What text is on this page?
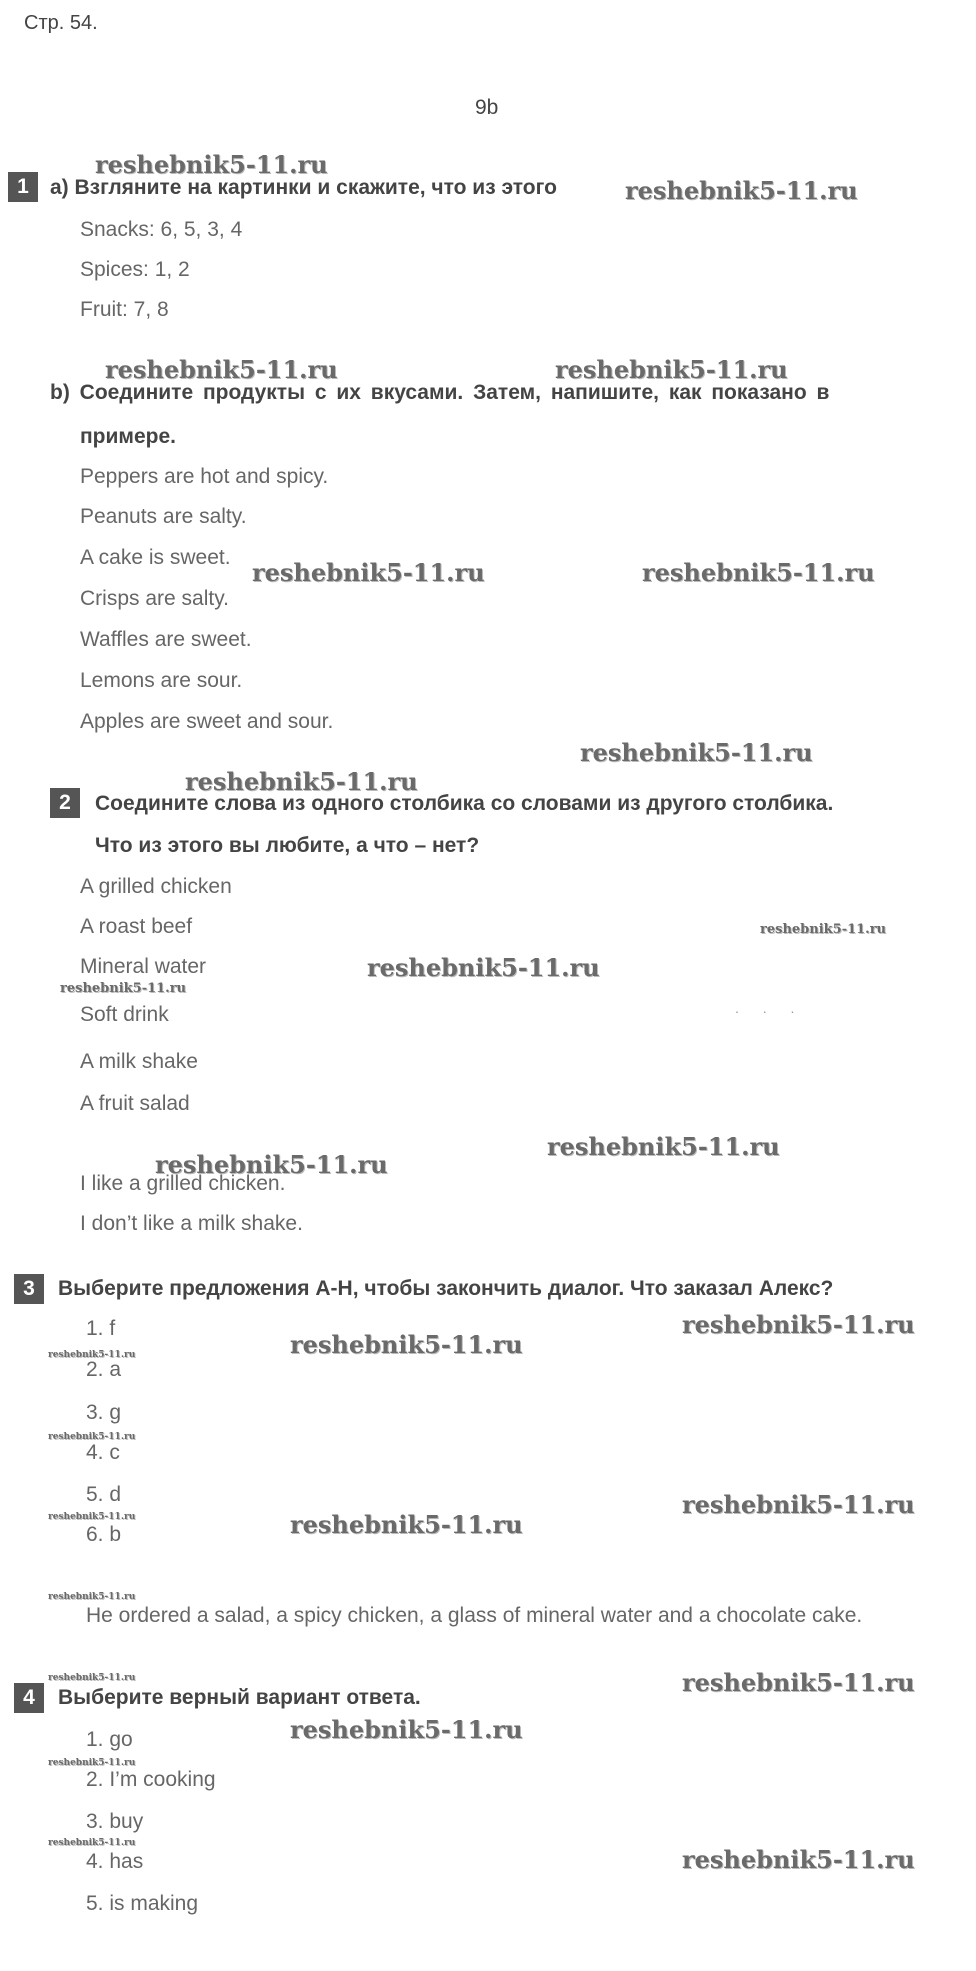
Стр. 54.
9b
1	a) Взгляните на картинки и скажите, что из этого
Snacks: 6, 5, 3, 4
Spices: 1, 2
Fruit: 7, 8
b) Соедините продукты с их вкусами. Затем, напишите, как показано в
примере.
Peppers are hot and spicy.
Peanuts are salty.
A cake is sweet.
Crisps are salty.
Waffles are sweet.
Lemons are sour.
Apples are sweet and sour.
2	Соедините слова из одного столбика со словами из другого столбика.
Что из этого вы любите, а что – нет?
A grilled chicken
A roast beef
Mineral water
Soft drink
A milk shake
A fruit salad
I like a grilled chicken.
I don’t like a milk shake.
. . .
3	Выберите предложения A-H, чтобы закончить диалог. Что заказал Алекс?
1. f
2. a
3. g
4. c
5. d
6. b
He ordered a salad, a spicy chicken, a glass of mineral water and a chocolate cake.
4	Выберите верный вариант ответа.
1. go
2. I’m cooking
3. buy
4. has
5. is making
reshebnik5-11.ru
reshebnik5-11.ru
reshebnik5-11.ru	reshebnik5-11.ru
reshebnik5-11.ru	reshebnik5-11.ru
reshebnik5-11.ru
reshebnik5-11.ru
reshebnik5-11.ru
reshebnik5-11.ru
reshebnik5-11.ru
reshebnik5-11.ru
reshebnik5-11.ru
reshebnik5-11.ru
reshebnik5-11.ru
reshebnik5-11.ru
reshebnik5-11.ru
reshebnik5-11.ru
reshebnik5-11.ru
reshebnik5-11.ru
reshebnik5-11.ru
reshebnik5-11.ru	reshebnik5-11.ru
reshebnik5-11.ru
reshebnik5-11.ru
reshebnik5-11.ru
reshebnik5-11.ru
